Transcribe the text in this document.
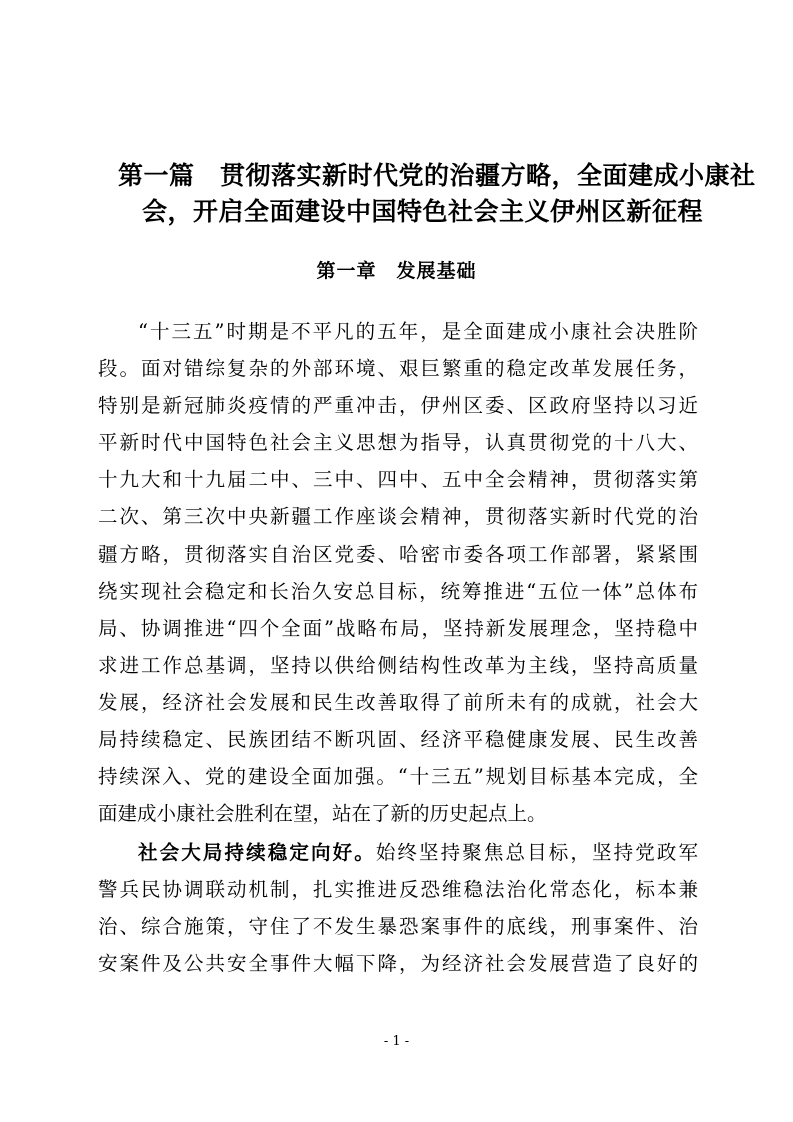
第一篇　贯彻落实新时代党的治疆方略，全面建成小康社
会，开启全面建设中国特色社会主义伊州区新征程
第一章　发展基础
“十三五”时期是不平凡的五年，是全面建成小康社会决胜阶
段。面对错综复杂的外部环境、艰巨繁重的稳定改革发展任务，
特别是新冠肺炎疫情的严重冲击，伊州区委、区政府坚持以习近
平新时代中国特色社会主义思想为指导，认真贯彻党的十八大、
十九大和十九届二中、三中、四中、五中全会精神，贯彻落实第
二次、第三次中央新疆工作座谈会精神，贯彻落实新时代党的治
疆方略，贯彻落实自治区党委、哈密市委各项工作部署，紧紧围
绕实现社会稳定和长治久安总目标，统筹推进“五位一体”总体布
局、协调推进“四个全面”战略布局，坚持新发展理念，坚持稳中
求进工作总基调，坚持以供给侧结构性改革为主线，坚持高质量
发展，经济社会发展和民生改善取得了前所未有的成就，社会大
局持续稳定、民族团结不断巩固、经济平稳健康发展、民生改善
持续深入、党的建设全面加强。“十三五”规划目标基本完成，全
面建成小康社会胜利在望，站在了新的历史起点上。
社会大局持续稳定向好。始终坚持聚焦总目标，坚持党政军
警兵民协调联动机制，扎实推进反恐维稳法治化常态化，标本兼
治、综合施策，守住了不发生暴恐案事件的底线，刑事案件、治
安案件及公共安全事件大幅下降，为经济社会发展营造了良好的
- 1 -
